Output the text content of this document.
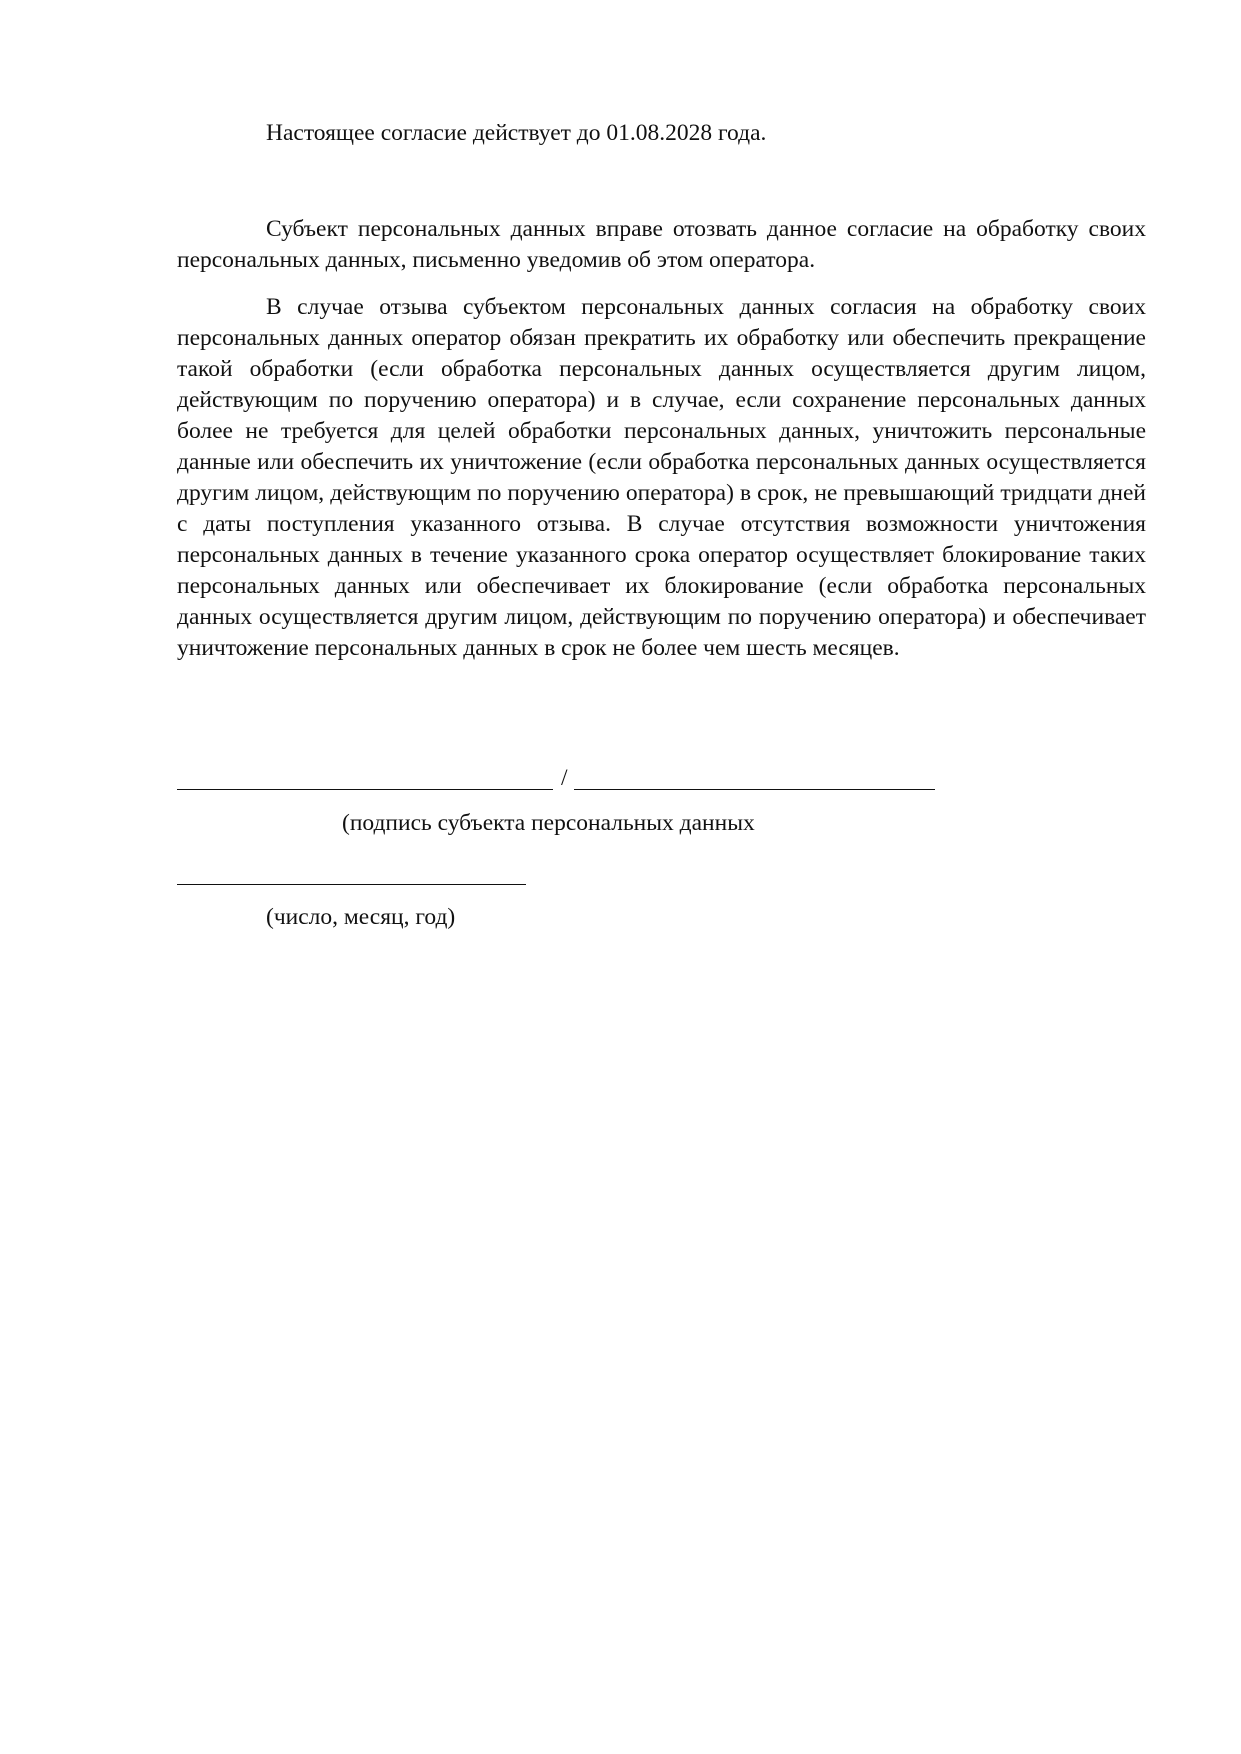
Настоящее согласие действует до 01.08.2028 года.

Субъект персональных данных вправе отозвать данное согласие на обработку своих персональных данных, письменно уведомив об этом оператора.

В случае отзыва субъектом персональных данных согласия на обработку своих персональных данных оператор обязан прекратить их обработку или обеспечить прекращение такой обработки (если обработка персональных данных осуществляется другим лицом, действующим по поручению оператора) и в случае, если сохранение персональных данных более не требуется для целей обработки персональных данных, уничтожить персональные данные или обеспечить их уничтожение (если обработка персональных данных осуществляется другим лицом, действующим по поручению оператора) в срок, не превышающий тридцати дней с даты поступления указанного отзыва. В случае отсутствия возможности уничтожения персональных данных в течение указанного срока оператор осуществляет блокирование таких персональных данных или обеспечивает их блокирование (если обработка персональных данных осуществляется другим лицом, действующим по поручению оператора) и обеспечивает уничтожение персональных данных в срок не более чем шесть месяцев.

/

(подпись субъекта персональных данных

(число, месяц, год)
